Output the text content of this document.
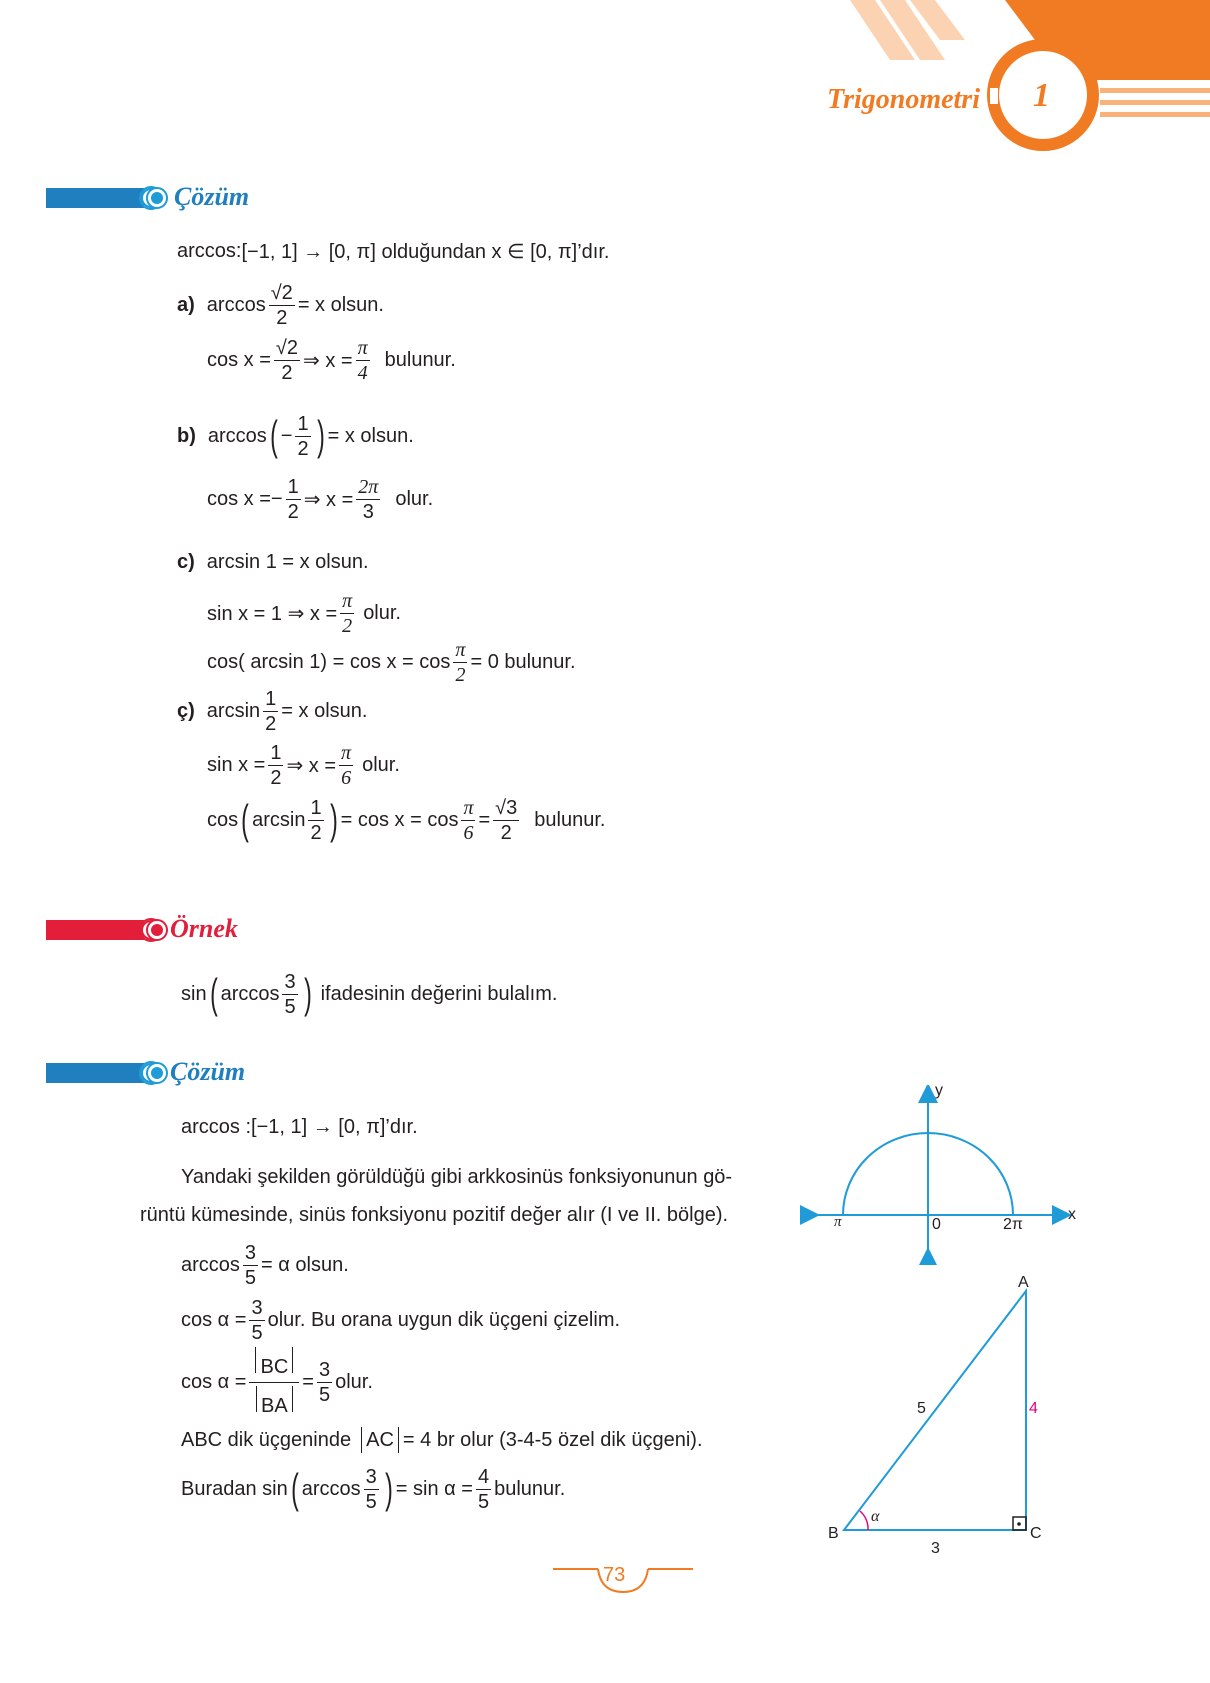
Trigonometri 1
Çözüm
arccos: [−1, 1] → [0, π] olduğundan x ∈ [0, π]’dır.
a) $\arccos \frac{√2}{2} = x$ olsun.
$\cos x = \frac{√2}{2}$ ⇒ $x = \frac{\pi}{4}$ bulunur.
b) arccos ( − $\frac{1}{2}$ ) = x olsun.
$\cos x =- \frac{1}{2}$ ⇒ $x = \frac{2\pi}{3}$ olur.
c) arcsin 1 = x olsun.
sin x = 1 ⇒ $x = \frac{\pi}{2}$ olur.
cos( $\arcsin 1) = \cos x = \cos \frac{\pi}{2} = 0$ bulunur.
ç) $\arcsin \frac{1}{2} = x$ olsun.
$\sin x = \frac{1}{2}$ ⇒ $x = \frac{\pi}{6}$ olur.
cos ( $\arcsin \frac{1}{2}$ ) = $\cos x = \cos \frac{\pi}{6} = \frac{√3}{2}$ bulunur.
Örnek
sin ( $\arccos \frac{3}{5}$ ) ifadesinin değerini bulalım.
Çözüm
arccos :[−1, 1] → [0, π]’dır.
Yandaki şekilden görüldüğü gibi arkkosinüs fonksiyonunun gö-
rüntü kümesinde, sinüs fonksiyonu pozitif değer alır (I ve II. bölge).
$\arccos \frac{3}{5} = \alpha$ olsun.
$\cos \alpha = \frac{3}{5}$ olur. Bu orana uygun dik üçgeni çizelim.
$\cos \alpha = \frac{BC}{BA} = \frac{3}{5}$ olur.
ABC dik üçgeninde AC = 4 br olur (3-4-5 özel dik üçgeni).
Buradan sin ( $\arccos \frac{3}{5}$ ) = $\sin \alpha = \frac{4}{5}$ bulunur.
y
x
π	0	2π
A
B	C
5	4
3
α
73
